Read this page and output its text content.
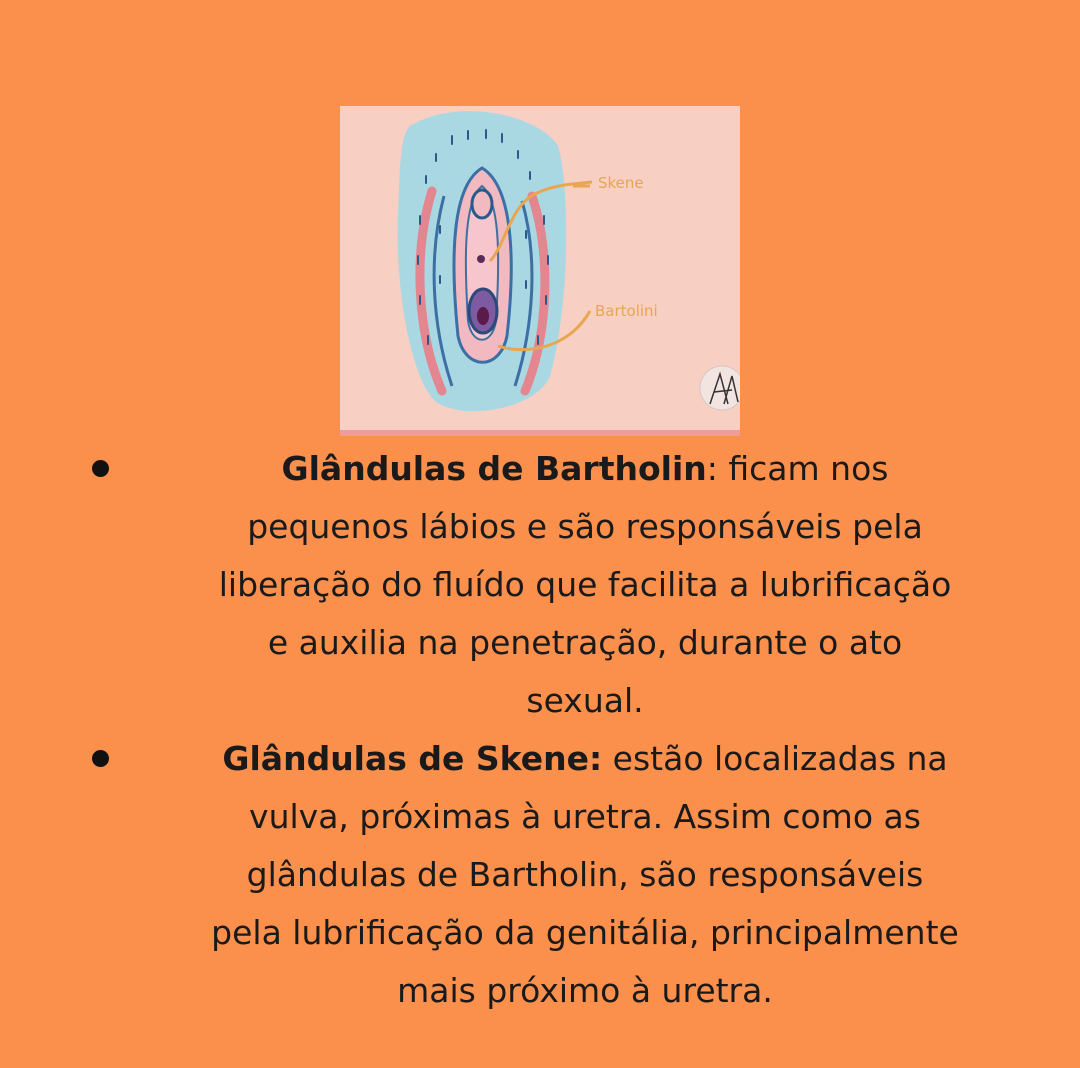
Skene
Bartolini
Glândulas de Bartholin: ficam nos
pequenos lábios e são responsáveis pela
liberação do fluído que facilita a lubrificação
e auxilia na penetração, durante o ato
sexual.
Glândulas de Skene: estão localizadas na
vulva, próximas à uretra. Assim como as
glândulas de Bartholin, são responsáveis
pela lubrificação da genitália, principalmente
mais próximo à uretra.
